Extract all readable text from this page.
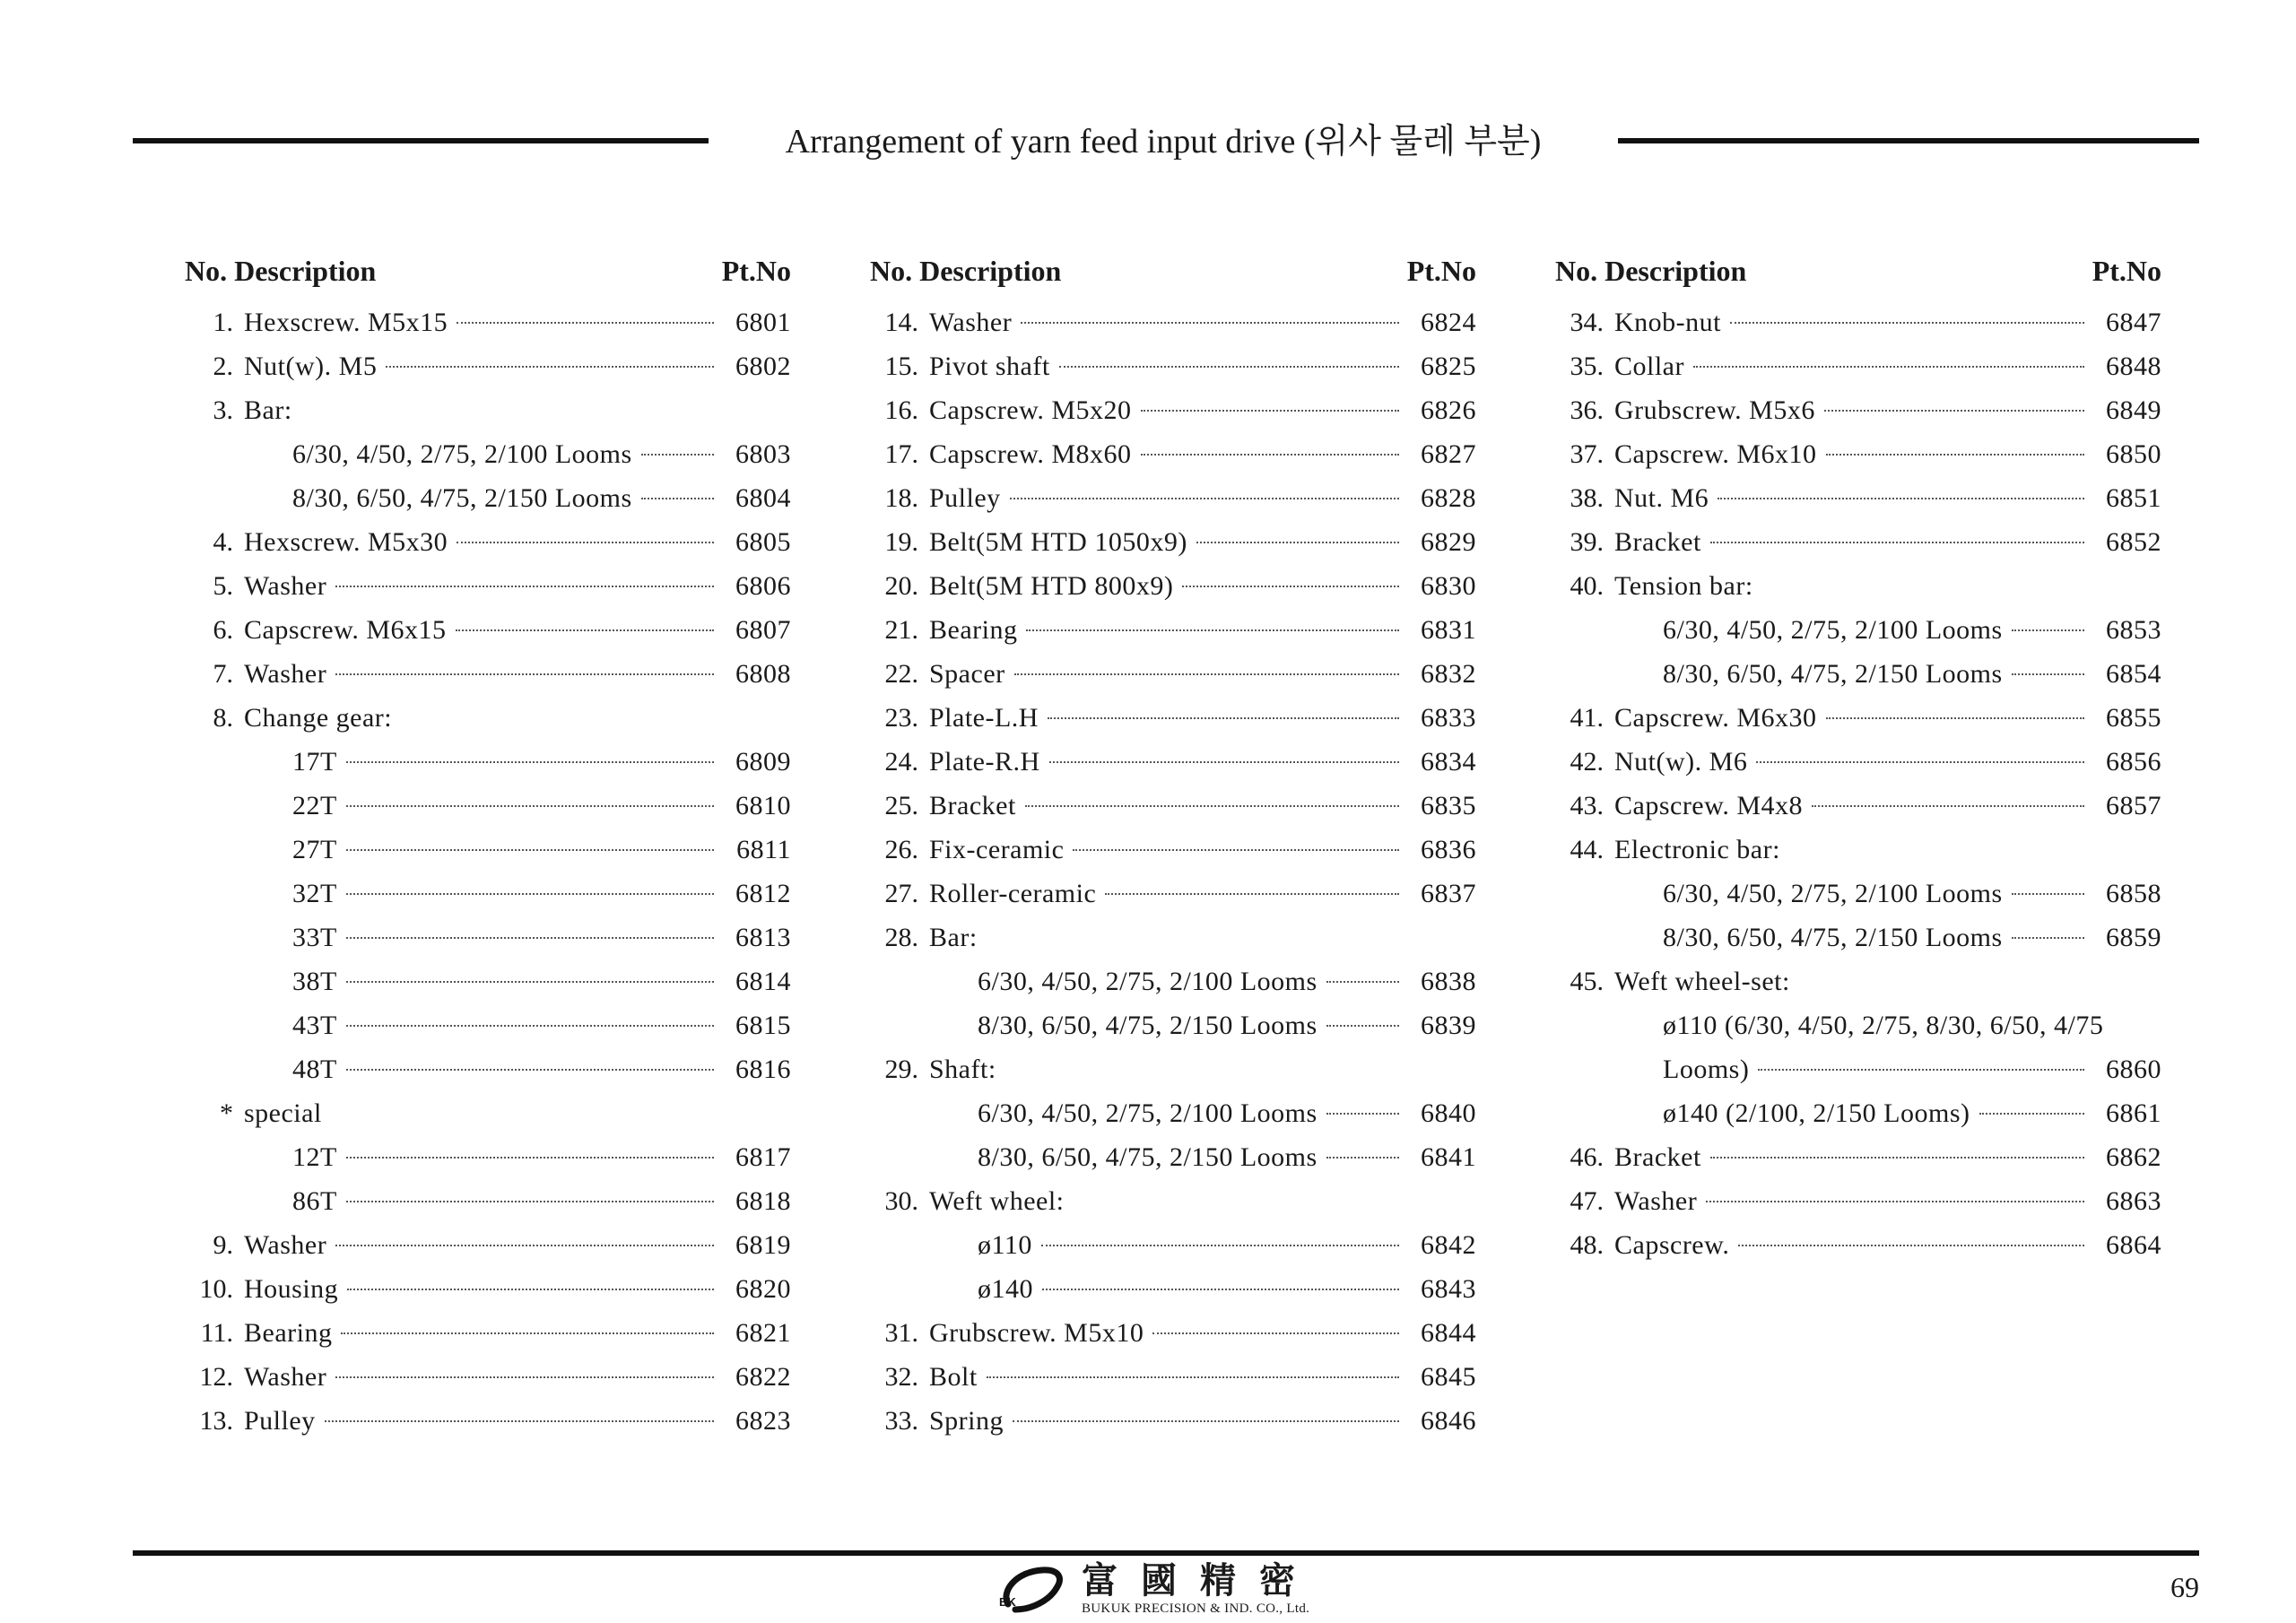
Arrangement of yarn feed input drive (위사 물레 부분)
No. Description	Pt.No
1. Hexscrew. M5x15	6801
2. Nut(w). M5	6802
3. Bar:
6/30, 4/50, 2/75, 2/100 Looms	6803
8/30, 6/50, 4/75, 2/150 Looms	6804
4. Hexscrew. M5x30	6805
5. Washer	6806
6. Capscrew. M6x15	6807
7. Washer	6808
8. Change gear:
17T	6809
22T	6810
27T	6811
32T	6812
33T	6813
38T	6814
43T	6815
48T	6816
* special
12T	6817
86T	6818
9. Washer	6819
10. Housing	6820
11. Bearing	6821
12. Washer	6822
13. Pulley	6823
No. Description	Pt.No
14. Washer	6824
15. Pivot shaft	6825
16. Capscrew. M5x20	6826
17. Capscrew. M8x60	6827
18. Pulley	6828
19. Belt(5M HTD 1050x9)	6829
20. Belt(5M HTD 800x9)	6830
21. Bearing	6831
22. Spacer	6832
23. Plate-L.H	6833
24. Plate-R.H	6834
25. Bracket	6835
26. Fix-ceramic	6836
27. Roller-ceramic	6837
28. Bar:
6/30, 4/50, 2/75, 2/100 Looms	6838
8/30, 6/50, 4/75, 2/150 Looms	6839
29. Shaft:
6/30, 4/50, 2/75, 2/100 Looms	6840
8/30, 6/50, 4/75, 2/150 Looms	6841
30. Weft wheel:
ø110	6842
ø140	6843
31. Grubscrew. M5x10	6844
32. Bolt	6845
33. Spring	6846
No. Description	Pt.No
34. Knob-nut	6847
35. Collar	6848
36. Grubscrew. M5x6	6849
37. Capscrew. M6x10	6850
38. Nut. M6	6851
39. Bracket	6852
40. Tension bar:
6/30, 4/50, 2/75, 2/100 Looms	6853
8/30, 6/50, 4/75, 2/150 Looms	6854
41. Capscrew. M6x30	6855
42. Nut(w). M6	6856
43. Capscrew. M4x8	6857
44. Electronic bar:
6/30, 4/50, 2/75, 2/100 Looms	6858
8/30, 6/50, 4/75, 2/150 Looms	6859
45. Weft wheel-set:
ø110 (6/30, 4/50, 2/75, 8/30, 6/50, 4/75
Looms)	6860
ø140 (2/100, 2/150 Looms)	6861
46. Bracket	6862
47. Washer	6863
48. Capscrew.	6864
BK
富國精密
BUKUK PRECISION & IND. CO., Ltd.
69
